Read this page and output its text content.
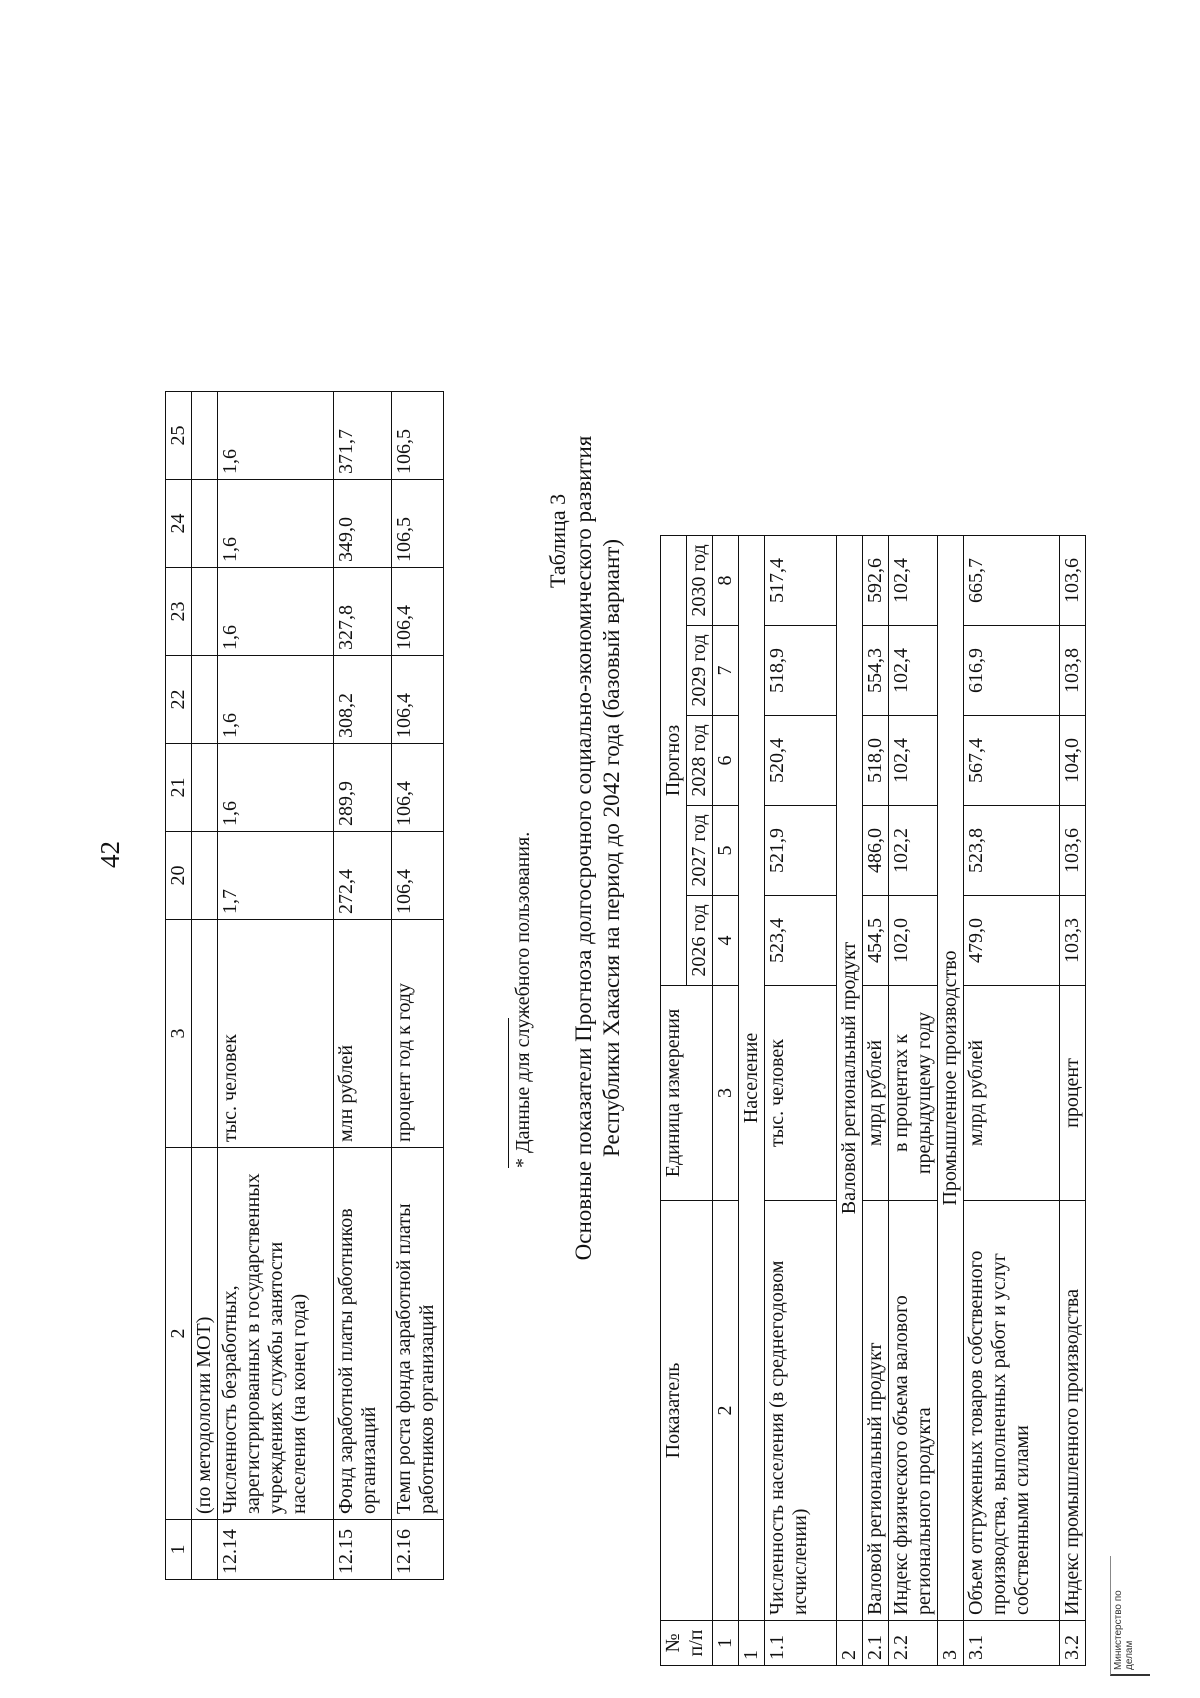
42
1	2	3	20	21	22	23	24	25
	(по методологии МОТ)							
12.14	Численность безработных, зарегистрированных в государственных учреждениях службы занятости населения (на конец года)	тыс. человек	1,7	1,6	1,6	1,6	1,6	1,6
12.15	Фонд заработной платы работников организаций	млн рублей	272,4	289,9	308,2	327,8	349,0	371,7
12.16	Темп роста фонда заработной платы работников организаций	процент год к году	106,4	106,4	106,4	106,4	106,5	106,5
* Данные для служебного пользования.
Таблица 3 Основные показатели Прогноза долгосрочного социально-экономического развития Республики Хакасия на период до 2042 года (базовый вариант)
№ п/п	Показатель	Единица измерения	Прогноз				
			2026 год	2027 год	2028 год	2029 год	2030 год
1	2	3	4	5	6	7	8
1	Население						
1.1	Численность населения (в среднегодовом исчислении)	тыс. человек	523,4	521,9	520,4	518,9	517,4
2	Валовой региональный продукт						
2.1	Валовой региональный продукт	млрд рублей	454,5	486,0	518,0	554,3	592,6
2.2	Индекс физического объема валового регионального продукта	в процентах к предыдущему году	102,0	102,2	102,4	102,4	102,4
3	Промышленное производство						
3.1	Объем отгруженных товаров собственного производства, выполненных работ и услуг собственными силами	млрд рублей	479,0	523,8	567,4	616,9	665,7
3.2	Индекс промышленного производства	процент	103,3	103,6	104,0	103,8	103,6
Министерство по делам
